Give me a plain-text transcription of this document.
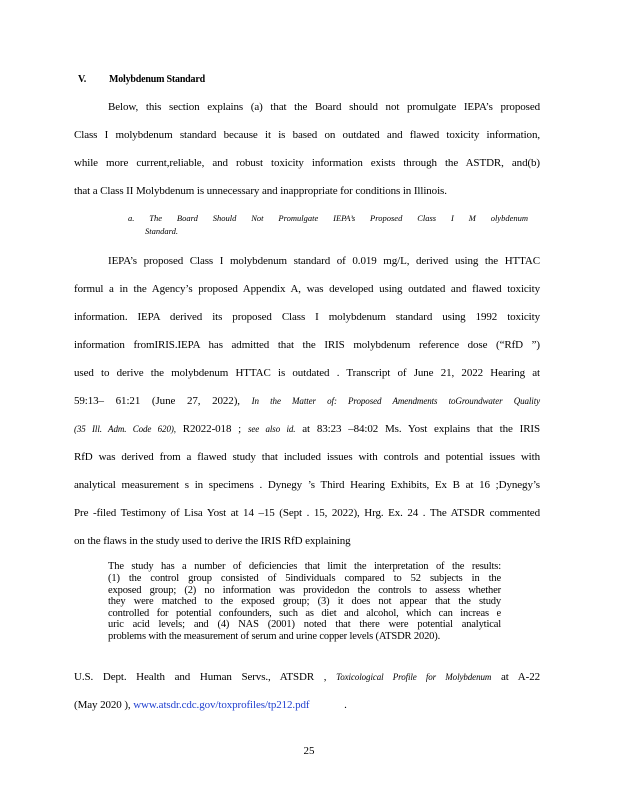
V. Molybdenum Standard
Below, this section explains (a) that the Board should not promulgate IEPA’s proposed
Class I molybdenum standard because it is based on outdated and flawed toxicity information,
while more current,reliable, and robust toxicity information exists through the ASTDR, and(b)
that a Class II Molybdenum is unnecessary and inappropriate for conditions in Illinois.
a. The Board Should Not Promulgate IEPA’s Proposed Class I M olybdenum
Standard.
IEPA’s proposed Class I molybdenum standard of 0.019 mg/L, derived using the HTTAC
formul a in the Agency’s proposed Appendix A, was developed using outdated and flawed toxicity
information. IEPA derived its proposed Class I molybdenum standard using 1992 toxicity
information fromIRIS.IEPA has admitted that the IRIS molybdenum reference dose (“RfD ”)
used to derive the molybdenum HTTAC is outdated . Transcript of June 21, 2022 Hearing at
59:13– 61:21 (June 27, 2022), In the Matter of: Proposed Amendments toGroundwater Quality
(35 Ill. Adm. Code 620), R2022-018 ; see also id. at 83:23 –84:02 Ms. Yost explains that the IRIS
RfD was derived from a flawed study that included issues with controls and potential issues with
analytical measurement s in specimens . Dynegy ’s Third Hearing Exhibits, Ex B at 16 ;Dynegy’s
Pre -filed Testimony of Lisa Yost at 14 –15 (Sept . 15, 2022), Hrg. Ex. 24 . The ATSDR commented
on the flaws in the study used to derive the IRIS RfD explaining
The study has a number of deficiencies that limit the interpretation of the results:
(1) the control group consisted of 5individuals compared to 52 subjects in the
exposed group; (2) no information was providedon the controls to assess whether
they were matched to the exposed group; (3) it does not appear that the study
controlled for potential confounders, such as diet and alcohol, which can increas e
uric acid levels; and (4) NAS (2001) noted that there were potential analytical
problems with the measurement of serum and urine copper levels (ATSDR 2020).
U.S. Dept. Health and Human Servs., ATSDR , Toxicological Profile for Molybdenum at A-22
(May 2020 ), www.atsdr.cdc.gov/toxprofiles/tp212.pdf	.
25
